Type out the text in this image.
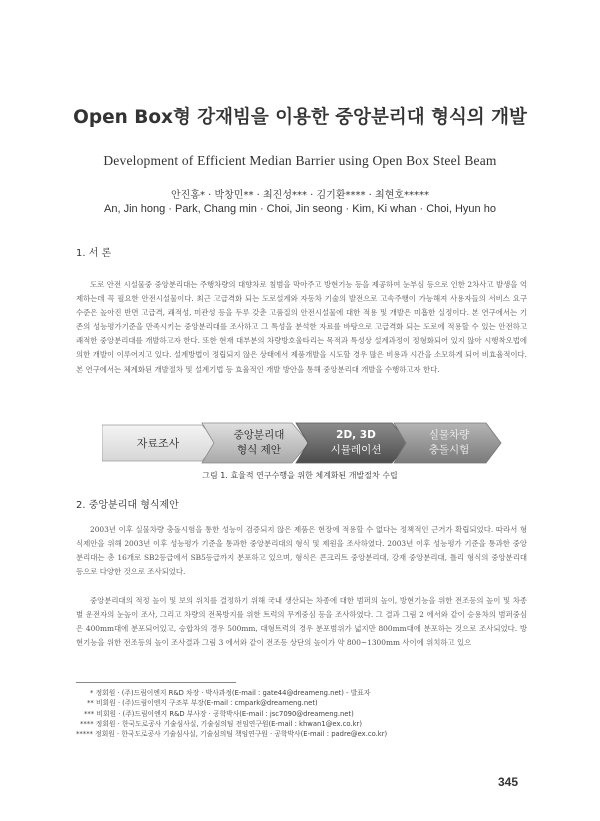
Open Box형 강재빔을 이용한 중앙분리대 형식의 개발
Development of Efficient Median Barrier using Open Box Steel Beam
안진홍* · 박창민** · 최진성*** · 김기환**** · 최현호*****
An, Jin hong · Park, Chang min · Choi, Jin seong · Kim, Ki whan · Choi, Hyun ho
1. 서 론

도로 안전 시설물중 중앙분리대는 주행차량의 대향차로 침범을 막아주고 방현기능 등을 제공하여 눈부심 등으로 인한 2차사고 발생을 억제하는데 꼭 필요한 안전시설물이다. 최근 고급격화 되는 도로설계와 자동차 기술의 발전으로 고속주행이 가능해져 사용자들의 서비스 요구수준은 높아진 반면 고급격, 쾌적성, 미관성 등을 두루 갖춘 고품질의 안전시설물에 대한 적용 및 개발은 미흡한 실정이다. 본 연구에서는 기존의 성능평가기준을 만족시키는 중앙분리대를 조사하고 그 특성을 분석한 자료를 바탕으로 고급격화 되는 도로에 적용할 수 있는 안전하고 쾌적한 중앙분리대를 개발하고자 한다. 또한 현재 대부분의 차량방호울타리는 목적과 특성상 설계과정이 정형화되어 있지 않아 시행착오법에 의한 개발이 이루어지고 있다. 설계방법이 정립되지 않은 상태에서 제품개발을 시도할 경우 많은 비용과 시간을 소모하게 되어 비효율적이다. 본 연구에서는 체계화된 개발절차 및 설계기법 등 효율적인 개발 방안을 통해 중앙분리대 개발을 수행하고자 한다.

자료조사
중앙분리대
형식 제안
2D, 3D
시뮬레이션
실물차량
충돌시험
그림 1. 효율적 연구수행을 위한 체계화된 개발절차 수립
2. 중앙분리대 형식제안

2003년 이후 실물차량 충돌시험을 통한 성능이 검증되지 않은 제품은 현장에 적용할 수 없다는 정책적인 근거가 확립되었다. 따라서 형식제안을 위해 2003년 이후 성능평가 기준을 통과한 중앙분리대의 형식 및 제원을 조사하였다. 2003년 이후 성능평가 기준을 통과한 중앙분리대는 총 16개로 SB2등급에서 SB5등급까지 분포하고 있으며, 형식은 콘크리트 중앙분리대, 강재 중앙분리대, 틀리 형식의 중앙분리대 등으로 다양한 것으로 조사되었다.

중앙분리대의 적정 높이 및 보의 위치를 결정하기 위해 국내 생산되는 차종에 대한 범퍼의 높이, 방현기능을 위한 전조등의 높이 및 차종별 운전자의 눈높이 조사, 그리고 차량의 전복방지를 위한 트럭의 무게중심 등을 조사하였다. 그 결과 그림 2 에서와 같이 승용차의 범퍼중심은 400mm대에 분포되어있고, 승합차의 경우 500mm, 대형트럭의 경우 분포범위가 넓지만 800mm대에 분포하는 것으로 조사되었다. 방현기능을 위한 전조등의 높이 조사결과 그림 3 에서와 같이 전조등 상단의 높이가 약 800~1300mm 사이에 위치하고 있으

* 정회원 · (주)드림이엔지 R&D 차장 · 박사과정(E-mail : gate44@dreameng.net) - 발표자
** 비회원 · (주)드림이엔지 구조부 부장(E-mail : cmpark@dreameng.net)
*** 비회원 · (주)드림이엔지 R&D 부사장 · 공학박사(E-mail : jsc7090@dreameng.net)
**** 정회원 · 한국도로공사 기술심사실, 기술심의팀 전임연구원(E-mail : khwan1@ex.co.kr)
***** 정회원 · 한국도로공사 기술심사실, 기술심의팀 책임연구원 · 공학박사(E-mail : padre@ex.co.kr)
345
